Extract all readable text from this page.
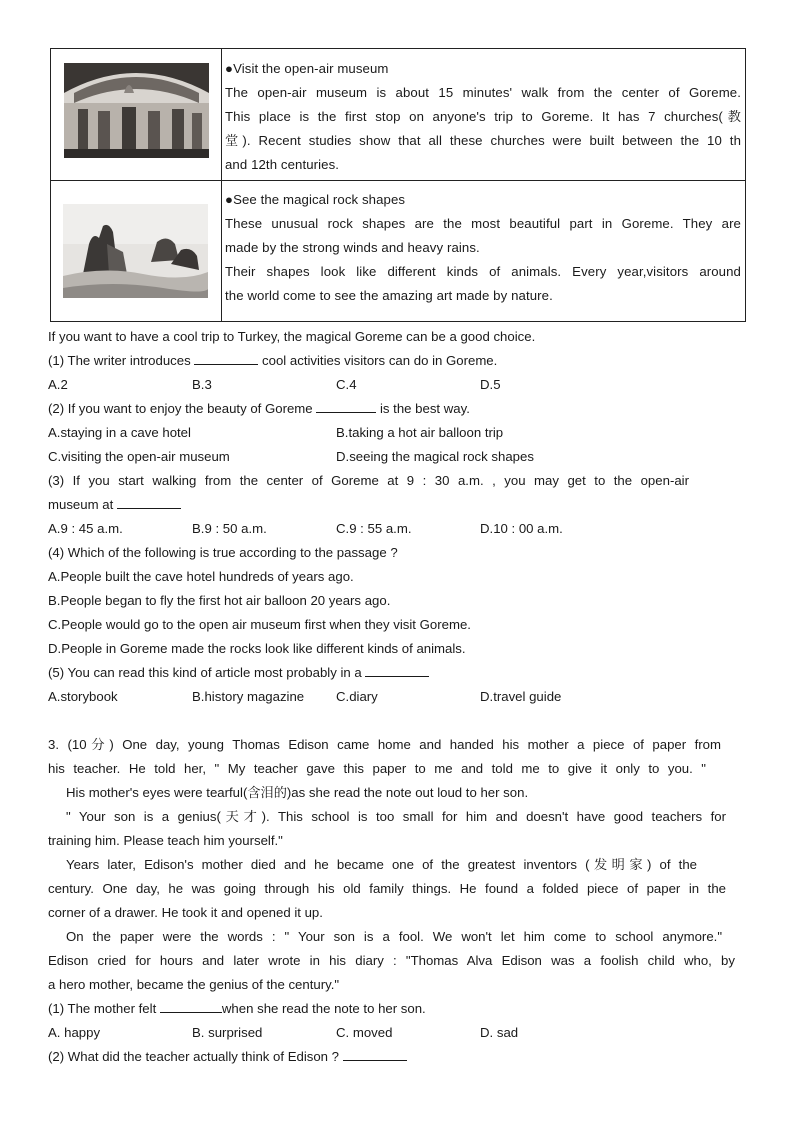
●Visit the open-air museum
The open-air museum is about 15 minutes' walk from the center of Goreme.
This place is the first stop on anyone's trip to Goreme. It has 7 churches(教
堂). Recent studies show that all these churches were built between the 10 th
and 12th centuries.
●See the magical rock shapes
These unusual rock shapes are the most beautiful part in Goreme. They are
made by the strong winds and heavy rains.
Their shapes look like different kinds of animals. Every year,visitors around
the world come to see the amazing art made by nature.
If you want to have a cool trip to Turkey, the magical Goreme can be a good choice.
(1) The writer introduces	cool activities visitors can do in Goreme.
A.2	B.3	C.4	D.5
(2) If you want to enjoy the beauty of Goreme	is the best way.
A.staying in a cave hotel	B.taking a hot air balloon trip
C.visiting the open-air museum	D.seeing the magical rock shapes
(3) If you start walking from the center of Goreme at 9 : 30 a.m. , you may get to the open-air
museum at
A.9 : 45 a.m.	B.9 : 50 a.m.	C.9 : 55 a.m.	D.10 : 00 a.m.
(4) Which of the following is true according to the passage ?
A.People built the cave hotel hundreds of years ago.
B.People began to fly the first hot air balloon 20 years ago.
C.People would go to the open air museum first when they visit Goreme.
D.People in Goreme made the rocks look like different kinds of animals.
(5) You can read this kind of article most probably in a
A.storybook	B.history magazine C.diary	D.travel guide
3. (10分) One day, young Thomas Edison came home and handed his mother a piece of paper from
his teacher. He told her, " My teacher gave this paper to me and told me to give it only to you. "
His mother's eyes were tearful(含泪的)as she read the note out loud to her son.
" Your son is a genius(天才). This school is too small for him and doesn't have good teachers for
training him. Please teach him yourself."
Years later, Edison's mother died and he became one of the greatest inventors (发明家) of the
century. One day, he was going through his old family things. He found a folded piece of paper in the
corner of a drawer. He took it and opened it up.
On the paper were the words : " Your son is a fool. We won't let him come to school anymore."
Edison cried for hours and later wrote in his diary : "Thomas Alva Edison was a foolish child who, by
a hero mother, became the genius of the century."
(1) The mother felt	when she read the note to her son.
A. happy	B. surprised	C. moved	D. sad
(2) What did the teacher actually think of Edison ?
